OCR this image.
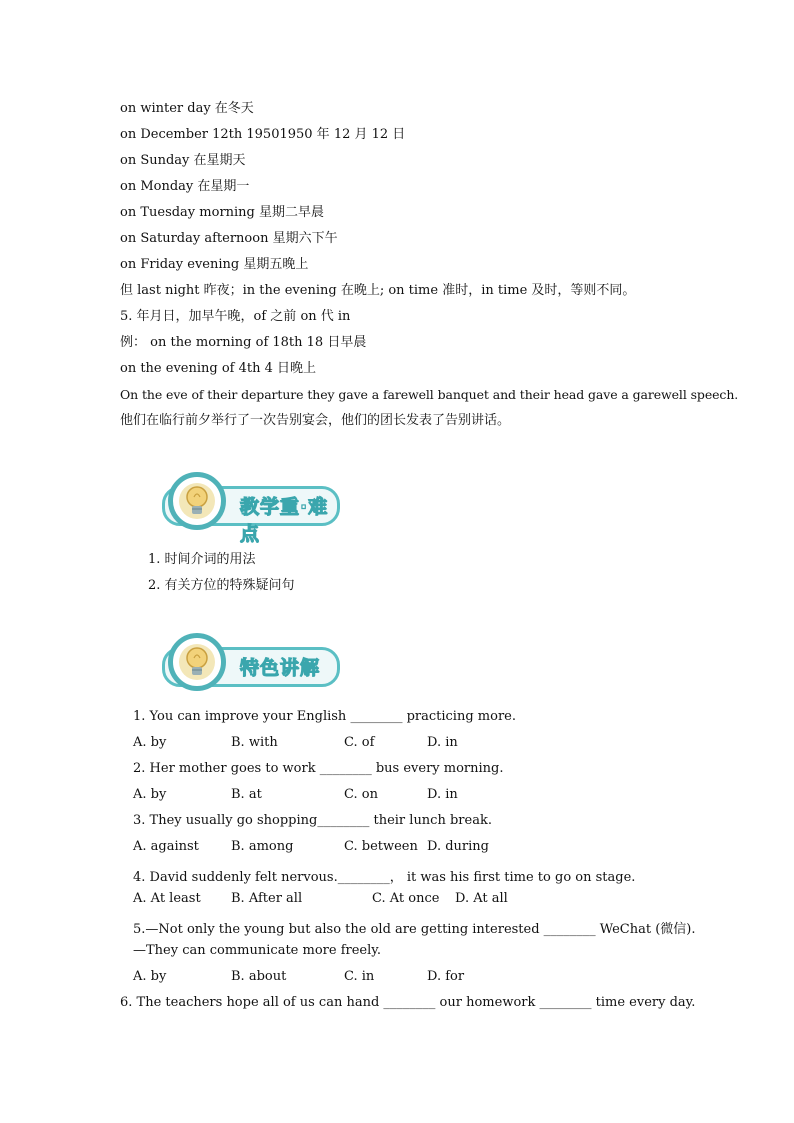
on winter day 在冬天
on December 12th 19501950 年 12 月 12 日
on Sunday 在星期天
on Monday 在星期一
on Tuesday morning 星期二早晨
on Saturday afternoon 星期六下午
on Friday evening 星期五晚上
但 last night 昨夜；in the evening 在晚上; on time 准时，in time 及时，等则不同。
5. 年月日，加早午晚，of 之前 on 代 in
例： on the morning of 18th 18 日早晨
on the evening of 4th 4 日晚上
On the eve of their departure they gave a farewell banquet and their head gave a garewell speech.
他们在临行前夕举行了一次告别宴会，他们的团长发表了告别讲话。
教学重·难点
1. 时间介词的用法
2. 有关方位的特殊疑问句
特色讲解
1. You can improve your English ________ practicing more.
A. by	B. with	C. of	D. in
2. Her mother goes to work ________ bus every morning.
A. by	B. at	C. on	D. in
3. They usually go shopping________ their lunch break.
A. against B. among	C. between D. during
4. David suddenly felt nervous.________， it was his first time to go on stage.
A. At least B. After all	C. At once D. At all
5.—Not only the young but also the old are getting interested ________ WeChat (微信).
—They can communicate more freely.
A. by	B. about	C. in	D. for
6. The teachers hope all of us can hand ________ our homework ________ time every day.
